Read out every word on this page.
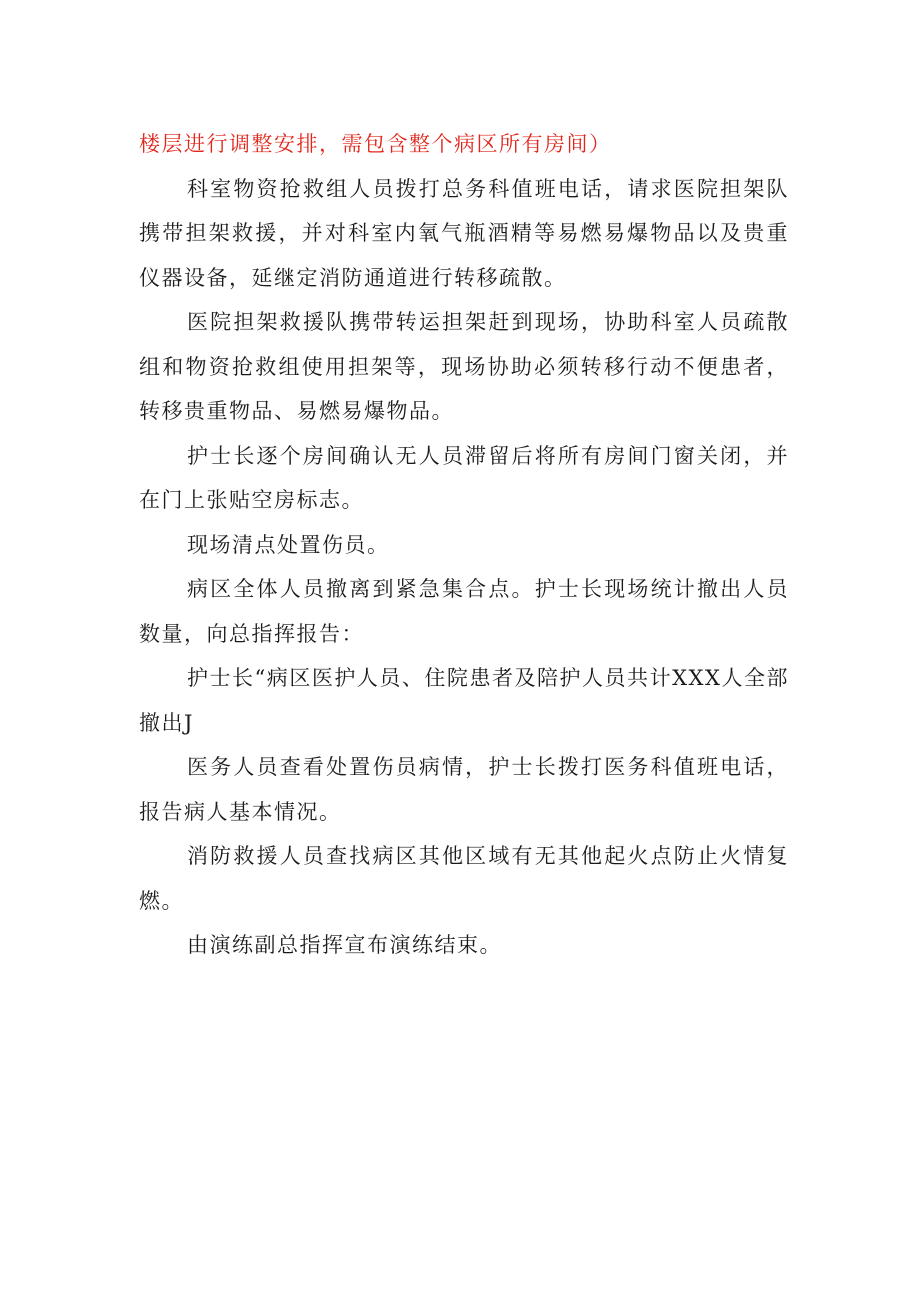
楼层进行调整安排，需包含整个病区所有房间）

科室物资抢救组人员拨打总务科值班电话，请求医院担架队携带担架救援，并对科室内氧气瓶酒精等易燃易爆物品以及贵重仪器设备，延继定消防通道进行转移疏散。

医院担架救援队携带转运担架赶到现场，协助科室人员疏散组和物资抢救组使用担架等，现场协助必须转移行动不便患者，转移贵重物品、易燃易爆物品。

护士长逐个房间确认无人员滞留后将所有房间门窗关闭，并在门上张贴空房标志。

现场清点处置伤员。

病区全体人员撤离到紧急集合点。护士长现场统计撤出人员数量，向总指挥报告：

护士长“病区医护人员、住院患者及陪护人员共计XXX人全部撤出J

医务人员查看处置伤员病情，护士长拨打医务科值班电话，报告病人基本情况。

消防救援人员查找病区其他区域有无其他起火点防止火情复燃。

由演练副总指挥宣布演练结束。
